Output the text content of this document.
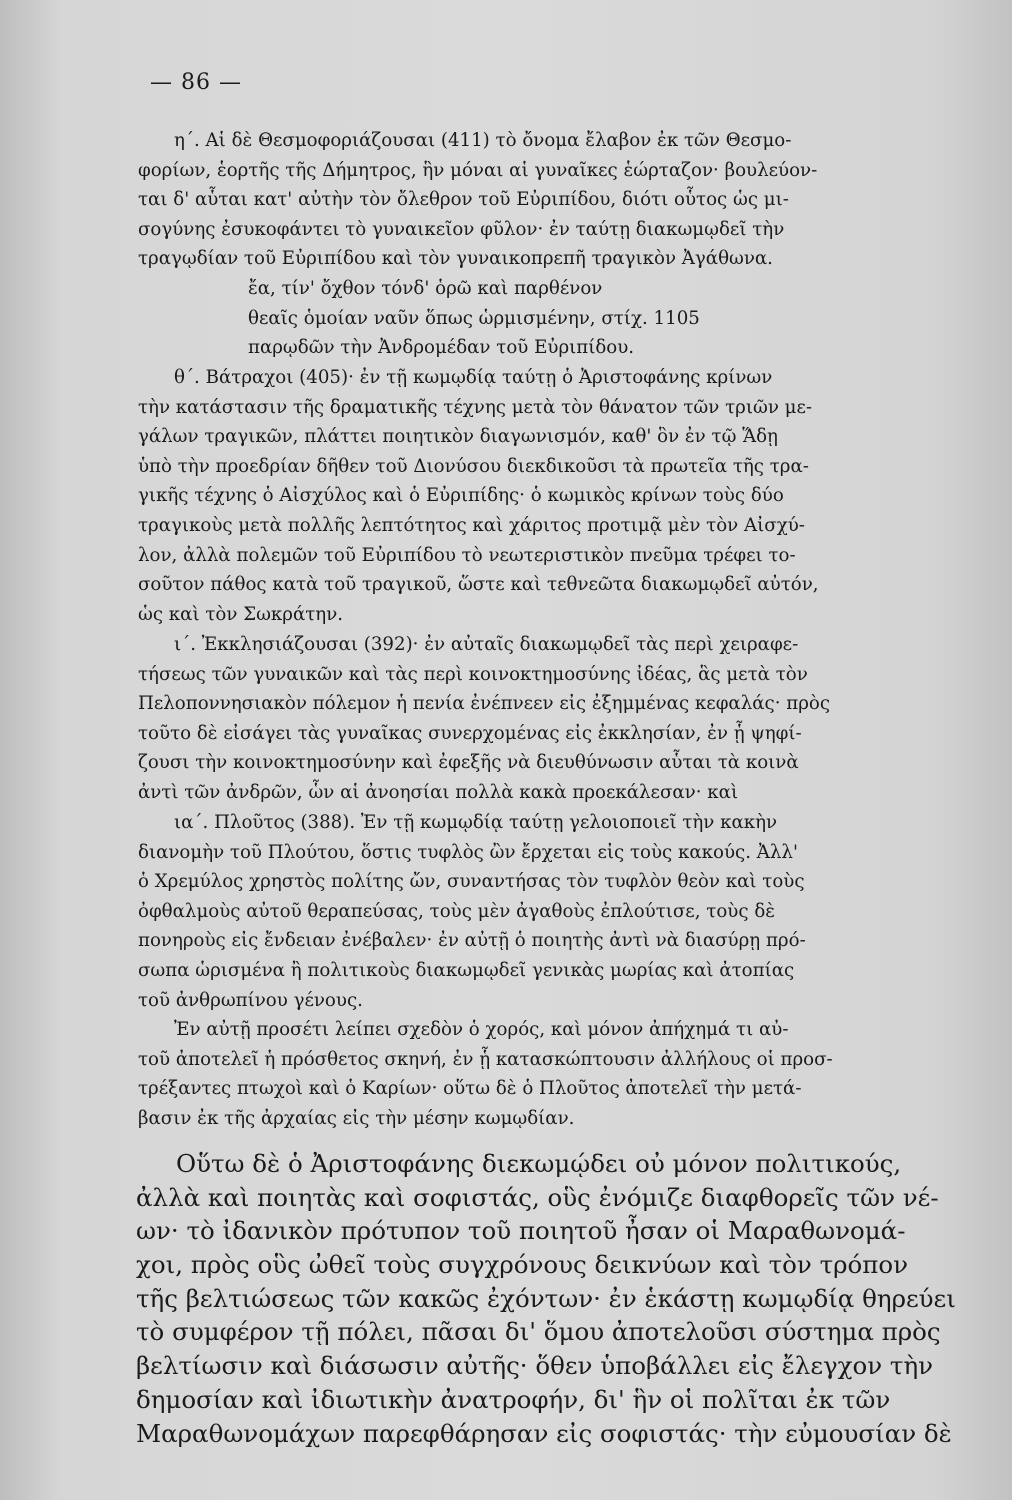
— 86 —
η΄. Αἱ δὲ Θεσμοφοριάζουσαι (411) τὸ ὄνομα ἔλαβον ἐκ τῶν Θεσμο-
φορίων, ἑορτῆς τῆς Δήμητρος, ἣν μόναι αἱ γυναῖκες ἑώρταζον· βουλεύον-
ται δ' αὗται κατ' αὐτὴν τὸν ὄλεθρον τοῦ Εὐριπίδου, διότι οὗτος ὡς μι-
σογύνης ἐσυκοφάντει τὸ γυναικεῖον φῦλον· ἐν ταύτῃ διακωμῳδεῖ τὴν
τραγῳδίαν τοῦ Εὐριπίδου καὶ τὸν γυναικοπρεπῆ τραγικὸν Ἀγάθωνα.
ἔα, τίν' ὄχθον τόνδ' ὁρῶ καὶ παρθένον
θεαῖς ὁμοίαν ναῦν ὅπως ὡρμισμένην, στίχ. 1105
παρῳδῶν τὴν Ἀνδρομέδαν τοῦ Εὐριπίδου.
θ΄. Βάτραχοι (405)· ἐν τῇ κωμῳδίᾳ ταύτῃ ὁ Ἀριστοφάνης κρίνων
τὴν κατάστασιν τῆς δραματικῆς τέχνης μετὰ τὸν θάνατον τῶν τριῶν με-
γάλων τραγικῶν, πλάττει ποιητικὸν διαγωνισμόν, καθ' ὃν ἐν τῷ Ἅδῃ
ὑπὸ τὴν προεδρίαν δῆθεν τοῦ Διονύσου διεκδικοῦσι τὰ πρωτεῖα τῆς τρα-
γικῆς τέχνης ὁ Αἰσχύλος καὶ ὁ Εὐριπίδης· ὁ κωμικὸς κρίνων τοὺς δύο
τραγικοὺς μετὰ πολλῆς λεπτότητος καὶ χάριτος προτιμᾷ μὲν τὸν Αἰσχύ-
λον, ἀλλὰ πολεμῶν τοῦ Εὐριπίδου τὸ νεωτεριστικὸν πνεῦμα τρέφει το-
σοῦτον πάθος κατὰ τοῦ τραγικοῦ, ὥστε καὶ τεθνεῶτα διακωμῳδεῖ αὐτόν,
ὡς καὶ τὸν Σωκράτην.
ι΄. Ἐκκλησιάζουσαι (392)· ἐν αὐταῖς διακωμῳδεῖ τὰς περὶ χειραφε-
τήσεως τῶν γυναικῶν καὶ τὰς περὶ κοινοκτημοσύνης ἰδέας, ἃς μετὰ τὸν
Πελοποννησιακὸν πόλεμον ἡ πενία ἐνέπνεεν εἰς ἐξημμένας κεφαλάς· πρὸς
τοῦτο δὲ εἰσάγει τὰς γυναῖκας συνερχομένας εἰς ἐκκλησίαν, ἐν ᾗ ψηφί-
ζουσι τὴν κοινοκτημοσύνην καὶ ἐφεξῆς νὰ διευθύνωσιν αὗται τὰ κοινὰ
ἀντὶ τῶν ἀνδρῶν, ὧν αἱ ἀνοησίαι πολλὰ κακὰ προεκάλεσαν· καὶ
ια΄. Πλοῦτος (388). Ἐν τῇ κωμῳδίᾳ ταύτῃ γελοιοποιεῖ τὴν κακὴν
διανομὴν τοῦ Πλούτου, ὅστις τυφλὸς ὢν ἔρχεται εἰς τοὺς κακούς. Ἀλλ'
ὁ Χρεμύλος χρηστὸς πολίτης ὤν, συναντήσας τὸν τυφλὸν θεὸν καὶ τοὺς
ὀφθαλμοὺς αὐτοῦ θεραπεύσας, τοὺς μὲν ἀγαθοὺς ἐπλούτισε, τοὺς δὲ
πονηροὺς εἰς ἔνδειαν ἐνέβαλεν· ἐν αὐτῇ ὁ ποιητὴς ἀντὶ νὰ διασύρῃ πρό-
σωπα ὡρισμένα ἢ πολιτικοὺς διακωμῳδεῖ γενικὰς μωρίας καὶ ἀτοπίας
τοῦ ἀνθρωπίνου γένους.
Ἐν αὐτῇ προσέτι λείπει σχεδὸν ὁ χορός, καὶ μόνον ἀπήχημά τι αὐ-
τοῦ ἀποτελεῖ ἡ πρόσθετος σκηνή, ἐν ᾗ κατασκώπτουσιν ἀλλήλους οἱ προσ-
τρέξαντες πτωχοὶ καὶ ὁ Καρίων· οὕτω δὲ ὁ Πλοῦτος ἀποτελεῖ τὴν μετά-
βασιν ἐκ τῆς ἀρχαίας εἰς τὴν μέσην κωμῳδίαν.
Οὕτω δὲ ὁ Ἀριστοφάνης διεκωμῴδει οὐ μόνον πολιτικούς,
ἀλλὰ καὶ ποιητὰς καὶ σοφιστάς, οὓς ἐνόμιζε διαφθορεῖς τῶν νέ-
ων· τὸ ἰδανικὸν πρότυπον τοῦ ποιητοῦ ἦσαν οἱ Μαραθωνομά-
χοι, πρὸς οὓς ὠθεῖ τοὺς συγχρόνους δεικνύων καὶ τὸν τρόπον
τῆς βελτιώσεως τῶν κακῶς ἐχόντων· ἐν ἑκάστῃ κωμῳδίᾳ θηρεύει
τὸ συμφέρον τῇ πόλει, πᾶσαι δι' ὅμου ἀποτελοῦσι σύστημα πρὸς
βελτίωσιν καὶ διάσωσιν αὐτῆς· ὅθεν ὑποβάλλει εἰς ἔλεγχον τὴν
δημοσίαν καὶ ἰδιωτικὴν ἀνατροφήν, δι' ἣν οἱ πολῖται ἐκ τῶν
Μαραθωνομάχων παρεφθάρησαν εἰς σοφιστάς· τὴν εὐμουσίαν δὲ
